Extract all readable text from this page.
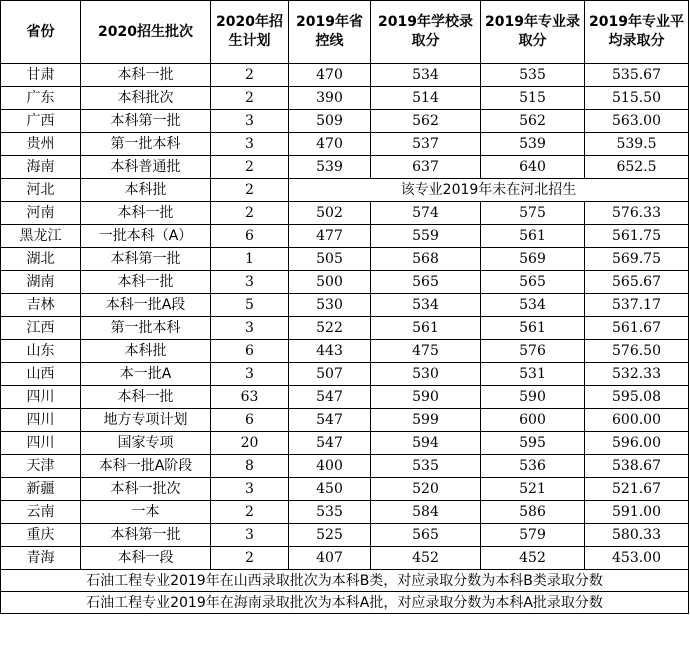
省份	2020招生批次	2020年招生计划	2019年省控线	2019年学校录取分	2019年专业录取分	2019年专业平均录取分
甘肃	本科一批	2	470	534	535	535.67
广东	本科批次	2	390	514	515	515.50
广西	本科第一批	3	509	562	562	563.00
贵州	第一批本科	3	470	537	539	539.5
海南	本科普通批	2	539	637	640	652.5
河北	本科批	2	该专业2019年未在河北招生			
河南	本科一批	2	502	574	575	576.33
黑龙江	一批本科（A）	6	477	559	561	561.75
湖北	本科第一批	1	505	568	569	569.75
湖南	本科一批	3	500	565	565	565.67
吉林	本科一批A段	5	530	534	534	537.17
江西	第一批本科	3	522	561	561	561.67
山东	本科批	6	443	475	576	576.50
山西	本一批A	3	507	530	531	532.33
四川	本科一批	63	547	590	590	595.08
四川	地方专项计划	6	547	599	600	600.00
四川	国家专项	20	547	594	595	596.00
天津	本科一批A阶段	8	400	535	536	538.67
新疆	本科一批次	3	450	520	521	521.67
云南	一本	2	535	584	586	591.00
重庆	本科第一批	3	525	565	579	580.33
青海	本科一段	2	407	452	452	453.00
石油工程专业2019年在山西录取批次为本科B类，对应录取分数为本科B类录取分数						
石油工程专业2019年在海南录取批次为本科A批，对应录取分数为本科A批录取分数						
